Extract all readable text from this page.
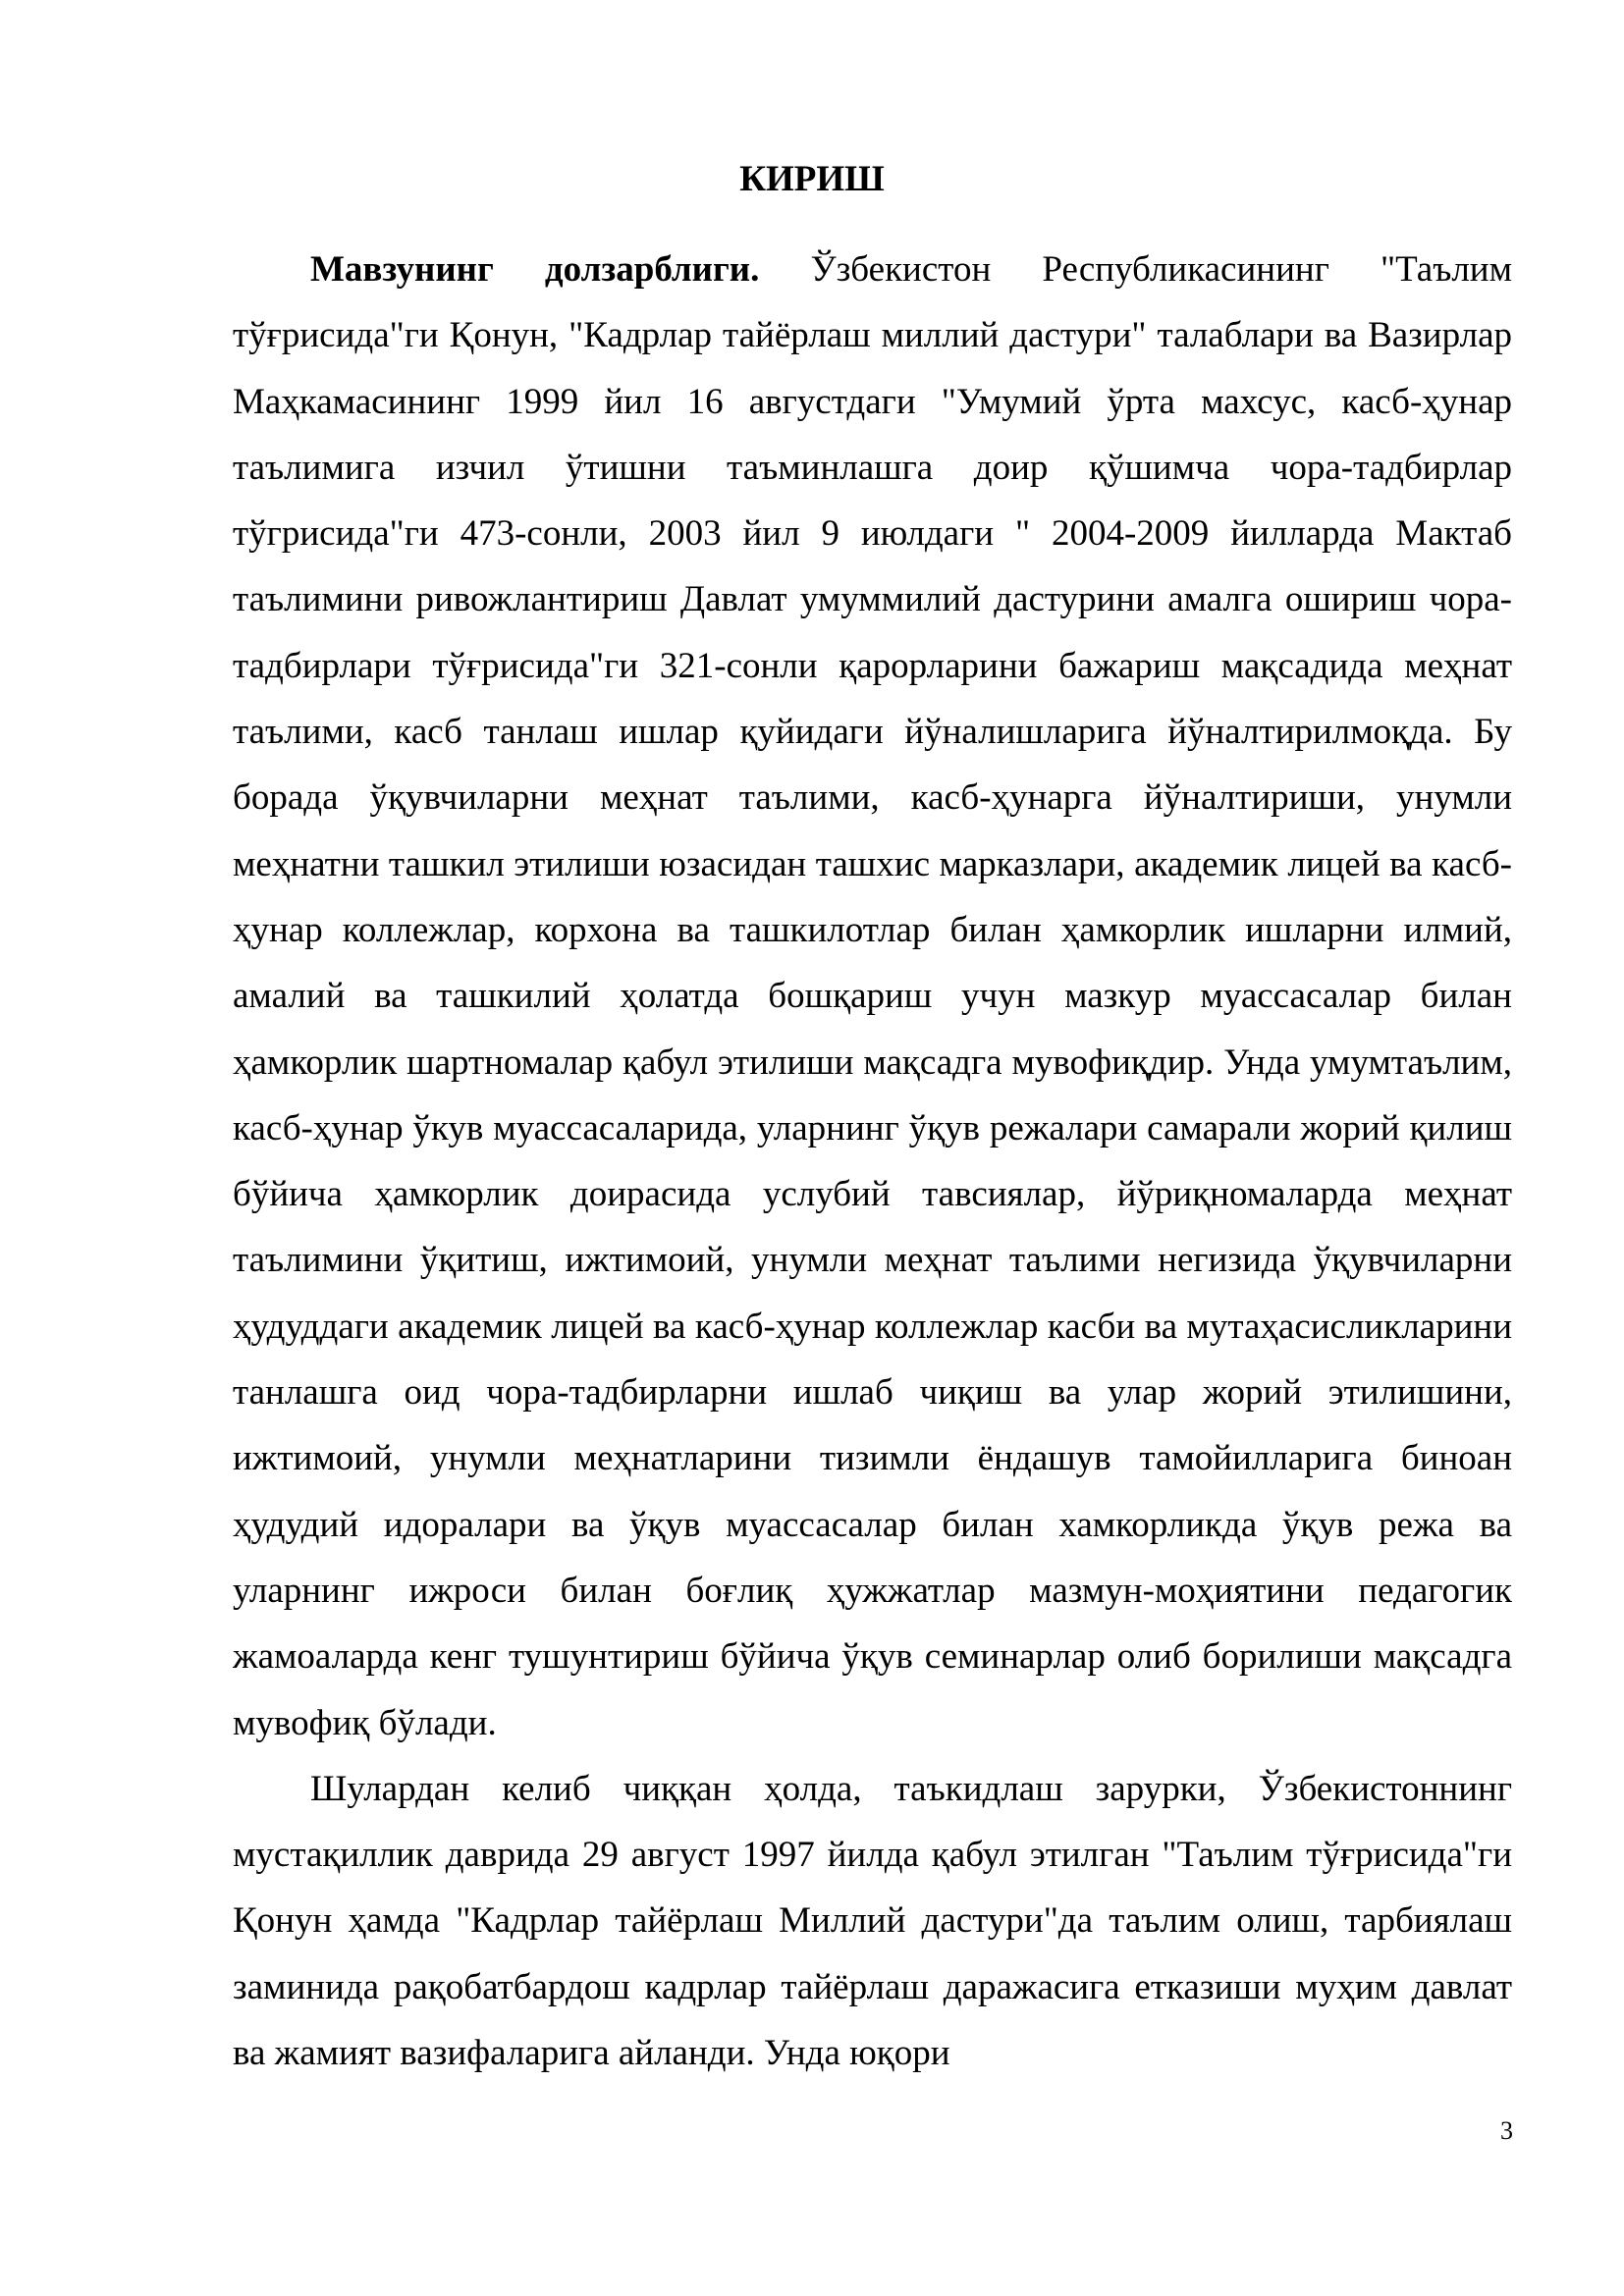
КИРИШ

Мавзунинг долзарблиги. Ўзбекистон Республикасининг "Таълим тўғрисида"ги Қонун, "Кадрлар тайёрлаш миллий дастури" талаблари ва Вазирлар Маҳкамасининг 1999 йил 16 августдаги "Умумий ўрта махсус, касб-ҳунар таълимига изчил ўтишни таъминлашга доир қўшимча чора-тадбирлар тўгрисида"ги 473-сонли, 2003 йил 9 июлдаги " 2004-2009 йилларда Мактаб таълимини ривожлантириш Давлат умуммилий дастурини амалга ошириш чора-тадбирлари тўғрисида"ги 321-сонли қарорларини бажариш мақсадида меҳнат таълими, касб танлаш ишлар қуйидаги йўналишларига йўналтирилмоқда. Бу борада ўқувчиларни меҳнат таълими, касб-ҳунарга йўналтириши, унумли меҳнатни ташкил этилиши юзасидан ташхис марказлари, академик лицей ва касб-ҳунар коллежлар, корхона ва ташкилотлар билан ҳамкорлик ишларни илмий, амалий ва ташкилий ҳолатда бошқариш учун мазкур муассасалар билан ҳамкорлик шартномалар қабул этилиши мақсадга мувофиқдир. Унда умумтаълим, касб-ҳунар ўкув муассасаларида, уларнинг ўқув режалари самарали жорий қилиш бўйича ҳамкорлик доирасида услубий тавсиялар, йўриқномаларда меҳнат таълимини ўқитиш, ижтимоий, унумли меҳнат таълими негизида ўқувчиларни ҳудуддаги академик лицей ва касб-ҳунар коллежлар касби ва мутаҳасисликларини танлашга оид чора-тадбирларни ишлаб чиқиш ва улар жорий этилишини, ижтимоий, унумли меҳнатларини тизимли ёндашув тамойилларига биноан ҳудудий идоралари ва ўқув муассасалар билан хамкорликда ўқув режа ва уларнинг ижроси билан боғлиқ ҳужжатлар мазмун-моҳиятини педагогик жамоаларда кенг тушунтириш бўйича ўқув семинарлар олиб борилиши мақсадга мувофиқ бўлади.

Шулардан келиб чиққан ҳолда, таъкидлаш зарурки, Ўзбекистоннинг мустақиллик даврида 29 август 1997 йилда қабул этилган "Таълим тўғрисида"ги Қонун ҳамда "Кадрлар тайёрлаш Миллий дастури"да таълим олиш, тарбиялаш заминида рақобатбардош кадрлар тайёрлаш даражасига етказиши муҳим давлат ва жамият вазифаларига айланди. Унда юқори

3
